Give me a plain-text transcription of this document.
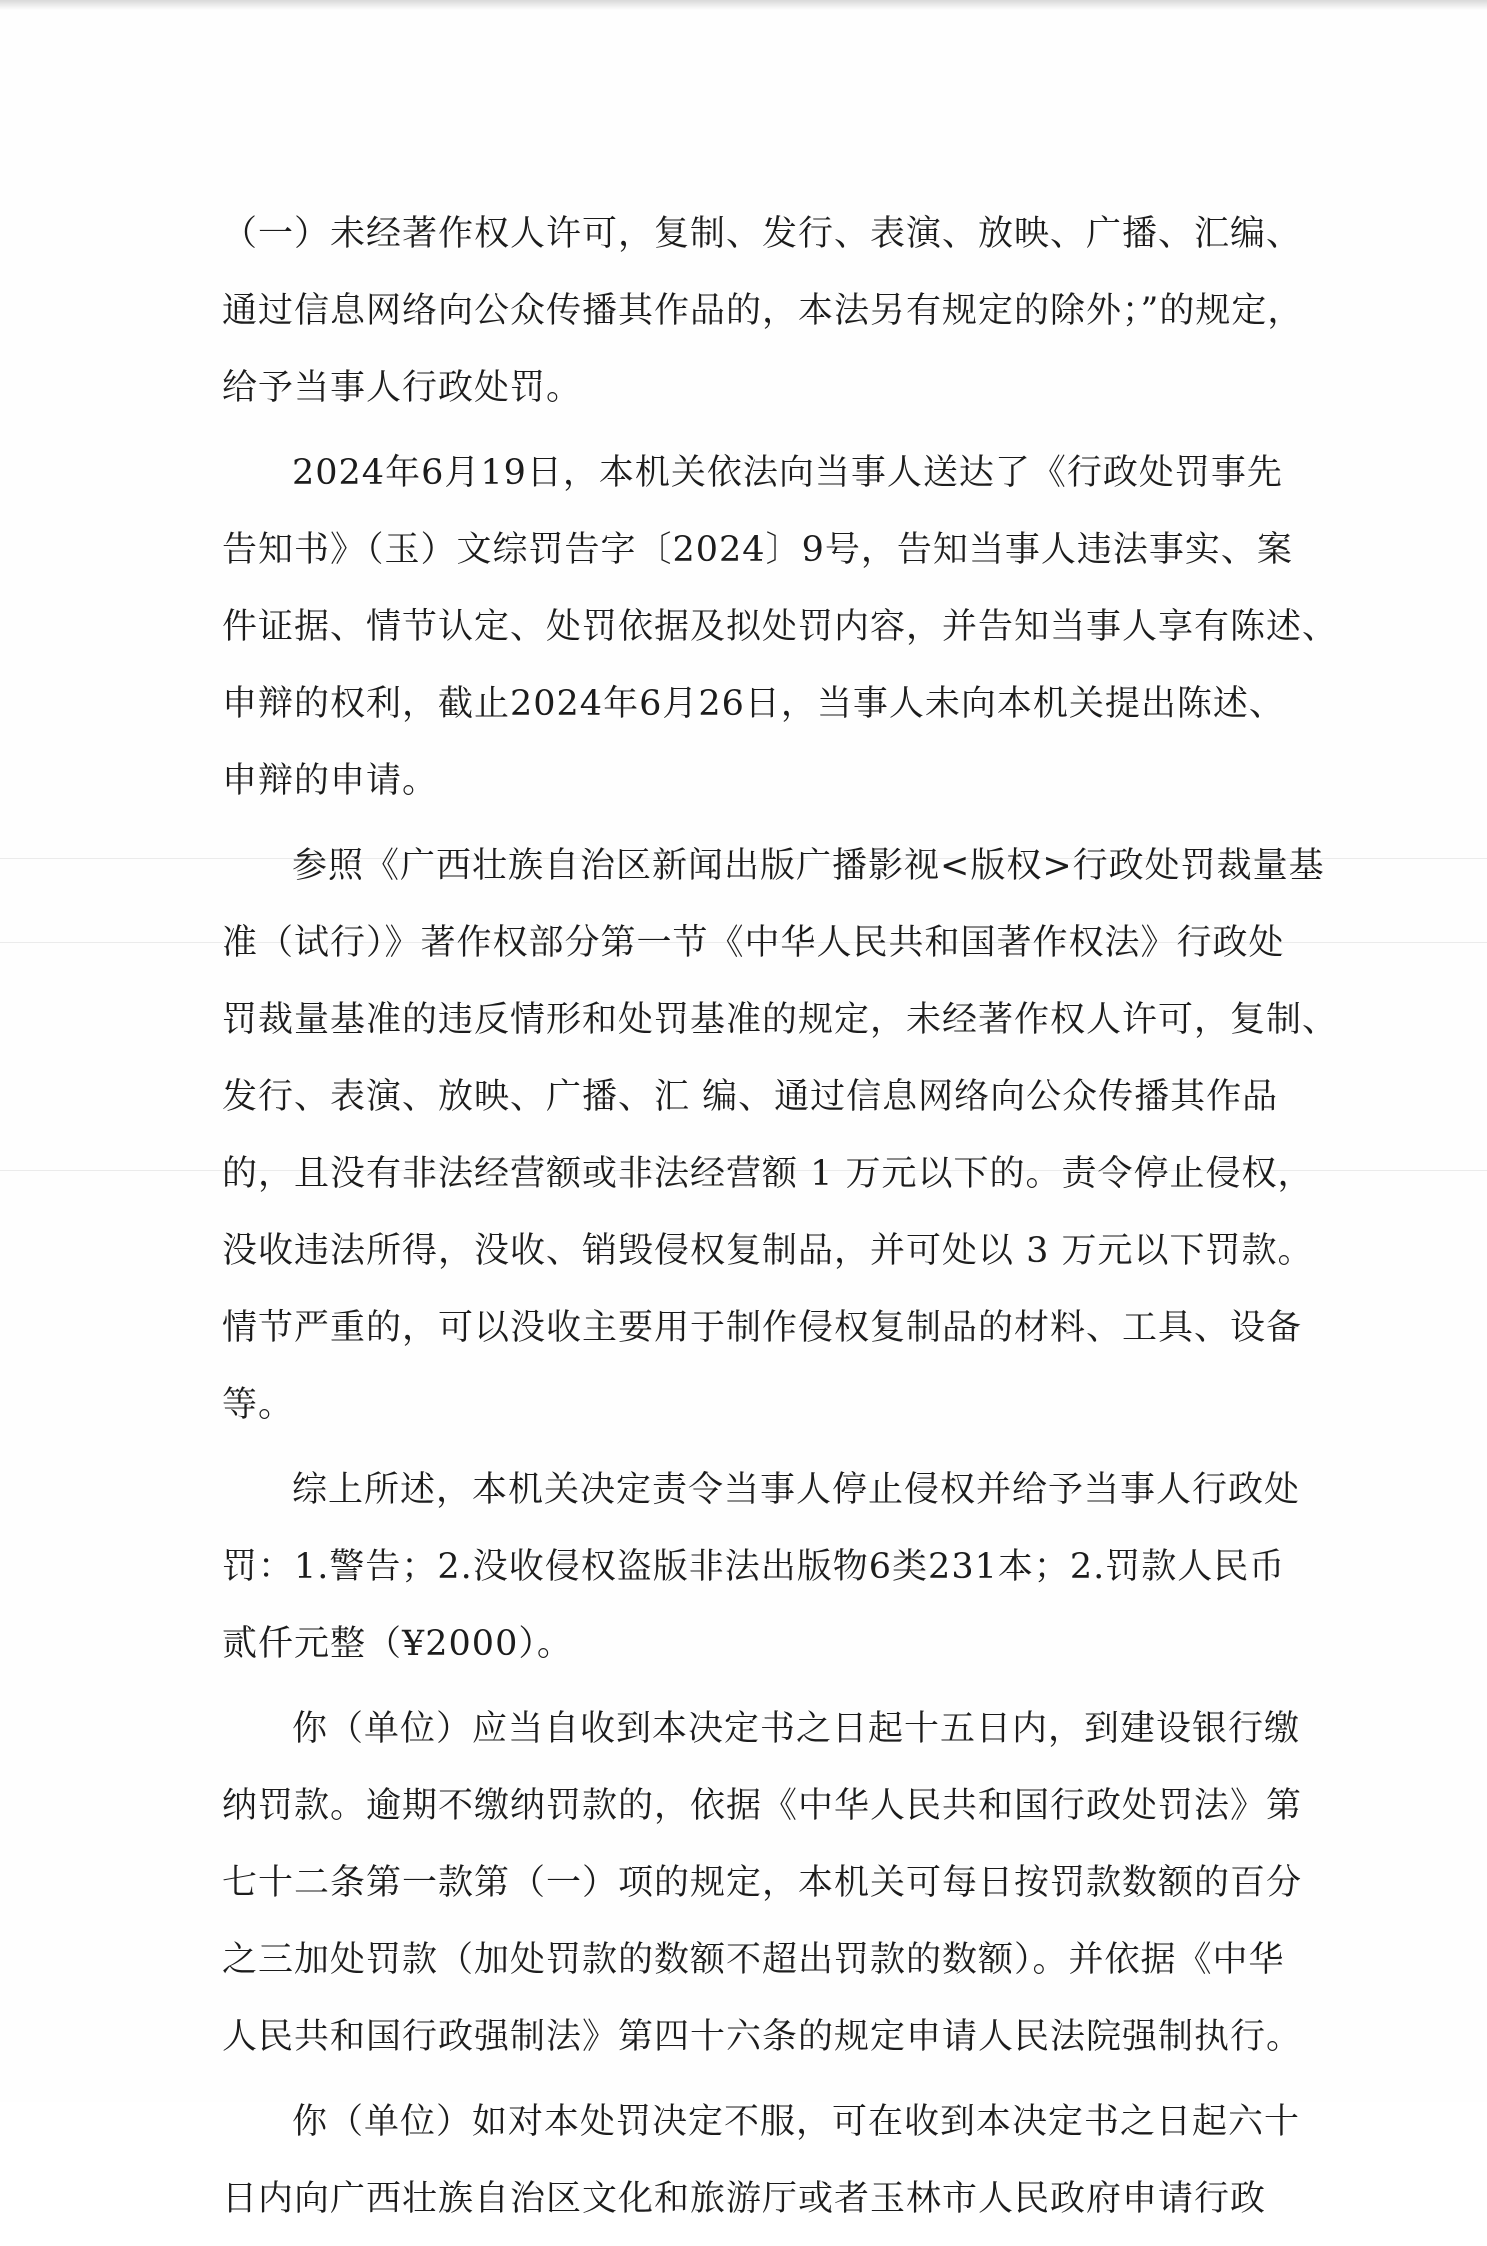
（一）未经著作权人许可，复制、发行、表演、放映、广播、汇编、
通过信息网络向公众传播其作品的，本法另有规定的除外；”的规定，
给予当事人行政处罚。
2024年6月19日，本机关依法向当事人送达了《行政处罚事先
告知书》（玉）文综罚告字〔2024〕9号，告知当事人违法事实、案
件证据、情节认定、处罚依据及拟处罚内容，并告知当事人享有陈述、
申辩的权利，截止2024年6月26日，当事人未向本机关提出陈述、
申辩的申请。
参照《广西壮族自治区新闻出版广播影视<版权>行政处罚裁量基
准（试行）》著作权部分第一节《中华人民共和国著作权法》行政处
罚裁量基准的违反情形和处罚基准的规定，未经著作权人许可，复制、
发行、表演、放映、广播、汇 编、通过信息网络向公众传播其作品
的，且没有非法经营额或非法经营额 1 万元以下的。责令停止侵权，
没收违法所得，没收、销毁侵权复制品，并可处以 3 万元以下罚款。
情节严重的，可以没收主要用于制作侵权复制品的材料、工具、设备
等。
综上所述，本机关决定责令当事人停止侵权并给予当事人行政处
罚：1.警告；2.没收侵权盗版非法出版物6类231本；2.罚款人民币
贰仟元整（¥2000）。
你（单位）应当自收到本决定书之日起十五日内，到建设银行缴
纳罚款。逾期不缴纳罚款的，依据《中华人民共和国行政处罚法》第
七十二条第一款第（一）项的规定，本机关可每日按罚款数额的百分
之三加处罚款（加处罚款的数额不超出罚款的数额）。并依据《中华
人民共和国行政强制法》第四十六条的规定申请人民法院强制执行。
你（单位）如对本处罚决定不服，可在收到本决定书之日起六十
日内向广西壮族自治区文化和旅游厅或者玉林市人民政府申请行政
